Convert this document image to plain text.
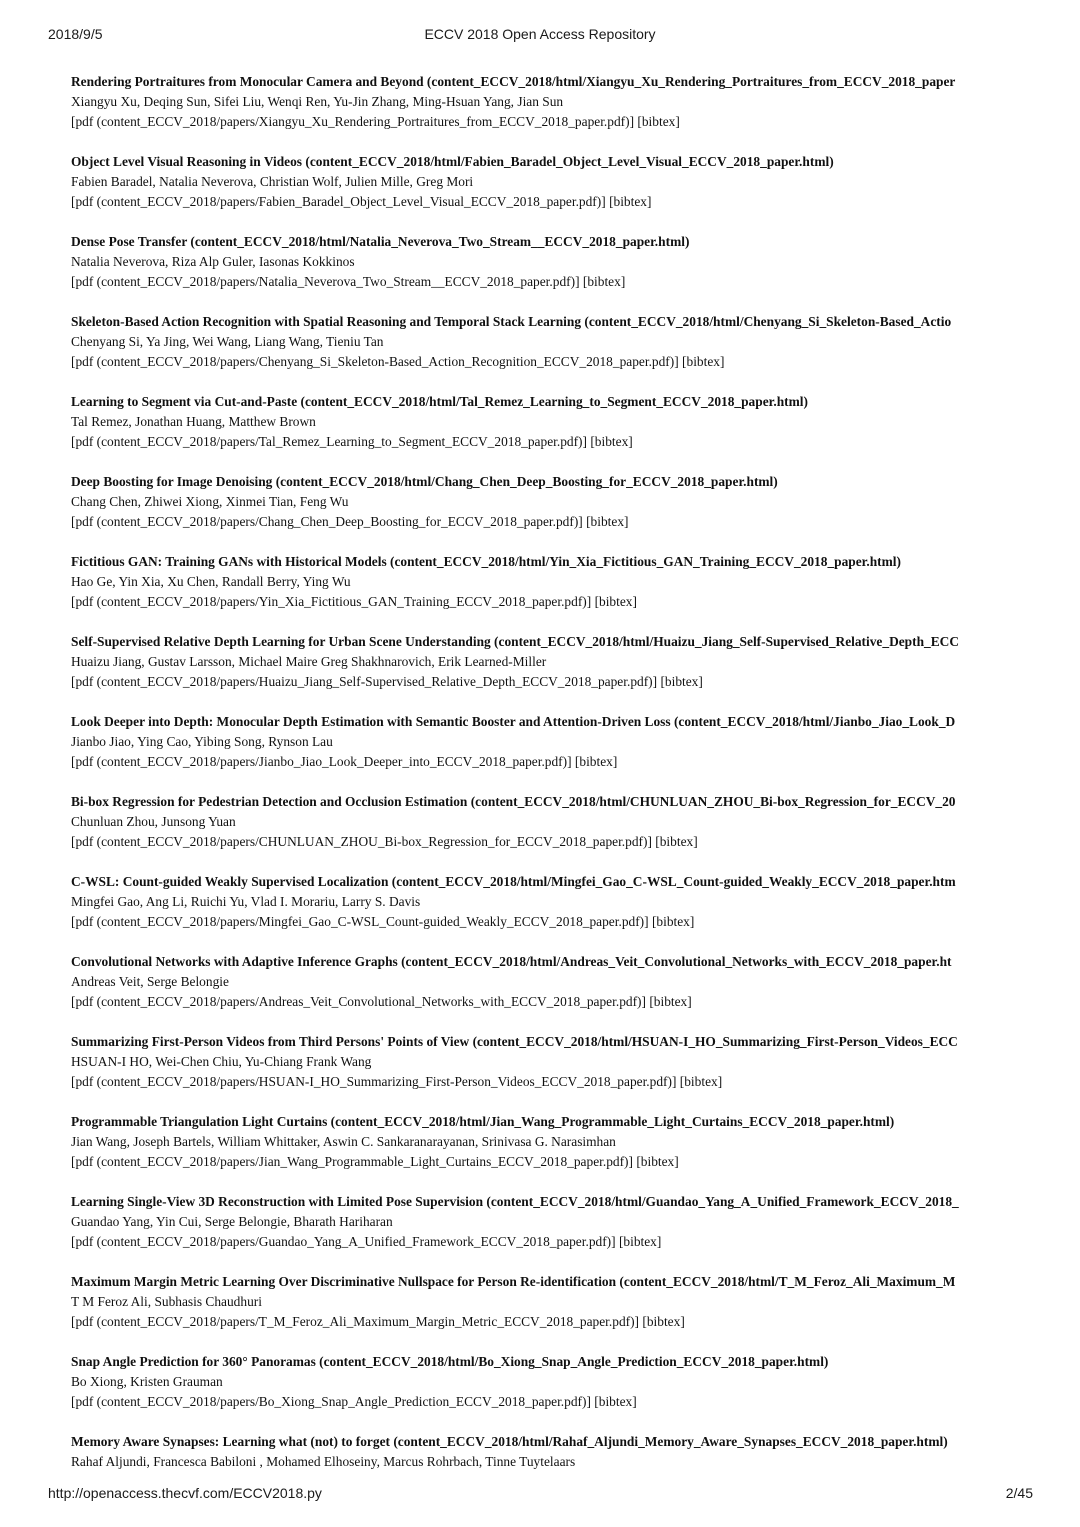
2018/9/5	ECCV 2018 Open Access Repository
Rendering Portraitures from Monocular Camera and Beyond (content_ECCV_2018/html/Xiangyu_Xu_Rendering_Portraitures_from_ECCV_2018_paper
Xiangyu Xu, Deqing Sun, Sifei Liu, Wenqi Ren, Yu-Jin Zhang, Ming-Hsuan Yang, Jian Sun
[pdf (content_ECCV_2018/papers/Xiangyu_Xu_Rendering_Portraitures_from_ECCV_2018_paper.pdf)] [bibtex]
Object Level Visual Reasoning in Videos (content_ECCV_2018/html/Fabien_Baradel_Object_Level_Visual_ECCV_2018_paper.html)
Fabien Baradel, Natalia Neverova, Christian Wolf, Julien Mille, Greg Mori
[pdf (content_ECCV_2018/papers/Fabien_Baradel_Object_Level_Visual_ECCV_2018_paper.pdf)] [bibtex]
Dense Pose Transfer (content_ECCV_2018/html/Natalia_Neverova_Two_Stream__ECCV_2018_paper.html)
Natalia Neverova, Riza Alp Guler, Iasonas Kokkinos
[pdf (content_ECCV_2018/papers/Natalia_Neverova_Two_Stream__ECCV_2018_paper.pdf)] [bibtex]
Skeleton-Based Action Recognition with Spatial Reasoning and Temporal Stack Learning (content_ECCV_2018/html/Chenyang_Si_Skeleton-Based_Actio
Chenyang Si, Ya Jing, Wei Wang, Liang Wang, Tieniu Tan
[pdf (content_ECCV_2018/papers/Chenyang_Si_Skeleton-Based_Action_Recognition_ECCV_2018_paper.pdf)] [bibtex]
Learning to Segment via Cut-and-Paste (content_ECCV_2018/html/Tal_Remez_Learning_to_Segment_ECCV_2018_paper.html)
Tal Remez, Jonathan Huang, Matthew Brown
[pdf (content_ECCV_2018/papers/Tal_Remez_Learning_to_Segment_ECCV_2018_paper.pdf)] [bibtex]
Deep Boosting for Image Denoising (content_ECCV_2018/html/Chang_Chen_Deep_Boosting_for_ECCV_2018_paper.html)
Chang Chen, Zhiwei Xiong, Xinmei Tian, Feng Wu
[pdf (content_ECCV_2018/papers/Chang_Chen_Deep_Boosting_for_ECCV_2018_paper.pdf)] [bibtex]
Fictitious GAN: Training GANs with Historical Models (content_ECCV_2018/html/Yin_Xia_Fictitious_GAN_Training_ECCV_2018_paper.html)
Hao Ge, Yin Xia, Xu Chen, Randall Berry, Ying Wu
[pdf (content_ECCV_2018/papers/Yin_Xia_Fictitious_GAN_Training_ECCV_2018_paper.pdf)] [bibtex]
Self-Supervised Relative Depth Learning for Urban Scene Understanding (content_ECCV_2018/html/Huaizu_Jiang_Self-Supervised_Relative_Depth_ECC
Huaizu Jiang, Gustav Larsson, Michael Maire Greg Shakhnarovich, Erik Learned-Miller
[pdf (content_ECCV_2018/papers/Huaizu_Jiang_Self-Supervised_Relative_Depth_ECCV_2018_paper.pdf)] [bibtex]
Look Deeper into Depth: Monocular Depth Estimation with Semantic Booster and Attention-Driven Loss (content_ECCV_2018/html/Jianbo_Jiao_Look_D
Jianbo Jiao, Ying Cao, Yibing Song, Rynson Lau
[pdf (content_ECCV_2018/papers/Jianbo_Jiao_Look_Deeper_into_ECCV_2018_paper.pdf)] [bibtex]
Bi-box Regression for Pedestrian Detection and Occlusion Estimation (content_ECCV_2018/html/CHUNLUAN_ZHOU_Bi-box_Regression_for_ECCV_20
Chunluan Zhou, Junsong Yuan
[pdf (content_ECCV_2018/papers/CHUNLUAN_ZHOU_Bi-box_Regression_for_ECCV_2018_paper.pdf)] [bibtex]
C-WSL: Count-guided Weakly Supervised Localization (content_ECCV_2018/html/Mingfei_Gao_C-WSL_Count-guided_Weakly_ECCV_2018_paper.htm
Mingfei Gao, Ang Li, Ruichi Yu, Vlad I. Morariu, Larry S. Davis
[pdf (content_ECCV_2018/papers/Mingfei_Gao_C-WSL_Count-guided_Weakly_ECCV_2018_paper.pdf)] [bibtex]
Convolutional Networks with Adaptive Inference Graphs (content_ECCV_2018/html/Andreas_Veit_Convolutional_Networks_with_ECCV_2018_paper.ht
Andreas Veit, Serge Belongie
[pdf (content_ECCV_2018/papers/Andreas_Veit_Convolutional_Networks_with_ECCV_2018_paper.pdf)] [bibtex]
Summarizing First-Person Videos from Third Persons' Points of View (content_ECCV_2018/html/HSUAN-I_HO_Summarizing_First-Person_Videos_ECC
HSUAN-I HO, Wei-Chen Chiu, Yu-Chiang Frank Wang
[pdf (content_ECCV_2018/papers/HSUAN-I_HO_Summarizing_First-Person_Videos_ECCV_2018_paper.pdf)] [bibtex]
Programmable Triangulation Light Curtains (content_ECCV_2018/html/Jian_Wang_Programmable_Light_Curtains_ECCV_2018_paper.html)
Jian Wang, Joseph Bartels, William Whittaker, Aswin C. Sankaranarayanan, Srinivasa G. Narasimhan
[pdf (content_ECCV_2018/papers/Jian_Wang_Programmable_Light_Curtains_ECCV_2018_paper.pdf)] [bibtex]
Learning Single-View 3D Reconstruction with Limited Pose Supervision (content_ECCV_2018/html/Guandao_Yang_A_Unified_Framework_ECCV_2018_
Guandao Yang, Yin Cui, Serge Belongie, Bharath Hariharan
[pdf (content_ECCV_2018/papers/Guandao_Yang_A_Unified_Framework_ECCV_2018_paper.pdf)] [bibtex]
Maximum Margin Metric Learning Over Discriminative Nullspace for Person Re-identification (content_ECCV_2018/html/T_M_Feroz_Ali_Maximum_M
T M Feroz Ali, Subhasis Chaudhuri
[pdf (content_ECCV_2018/papers/T_M_Feroz_Ali_Maximum_Margin_Metric_ECCV_2018_paper.pdf)] [bibtex]
Snap Angle Prediction for 360° Panoramas (content_ECCV_2018/html/Bo_Xiong_Snap_Angle_Prediction_ECCV_2018_paper.html)
Bo Xiong, Kristen Grauman
[pdf (content_ECCV_2018/papers/Bo_Xiong_Snap_Angle_Prediction_ECCV_2018_paper.pdf)] [bibtex]
Memory Aware Synapses: Learning what (not) to forget (content_ECCV_2018/html/Rahaf_Aljundi_Memory_Aware_Synapses_ECCV_2018_paper.html)
Rahaf Aljundi, Francesca Babiloni , Mohamed Elhoseiny, Marcus Rohrbach, Tinne Tuytelaars
http://openaccess.thecvf.com/ECCV2018.py	2/45
